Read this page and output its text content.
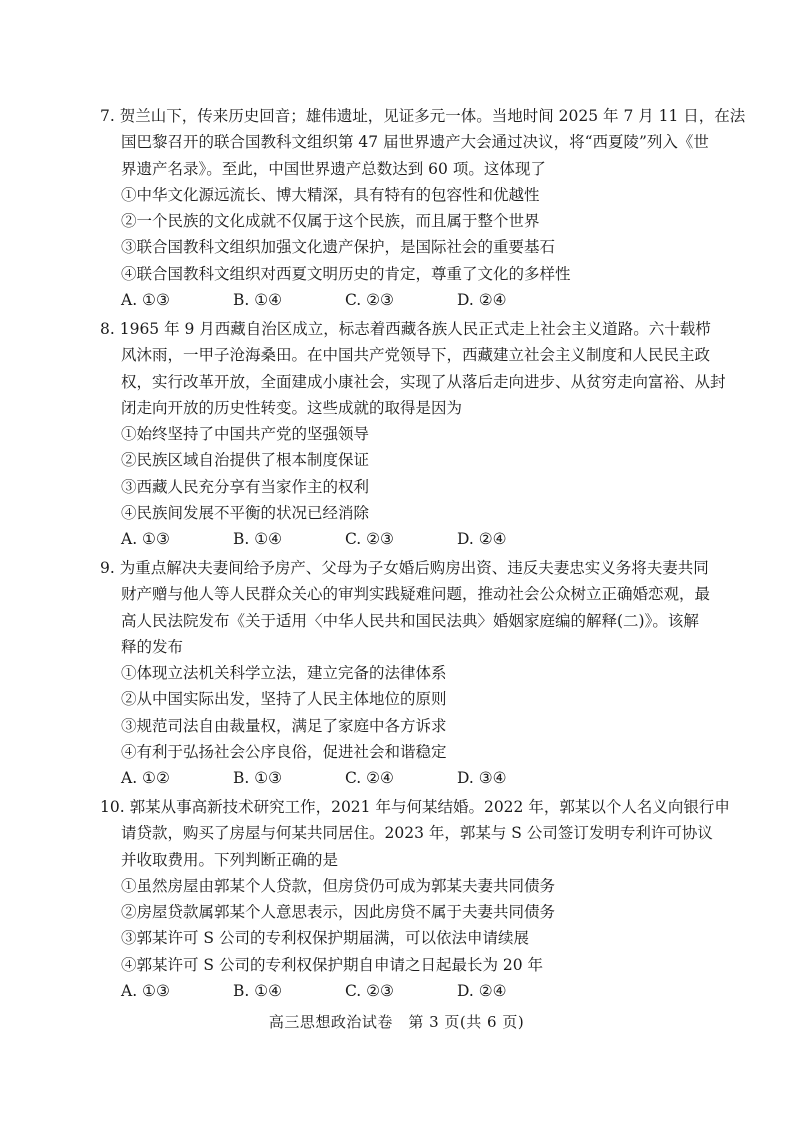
7. 贺兰山下，传来历史回音；雄伟遗址，见证多元一体。当地时间 2025 年 7 月 11 日，在法
国巴黎召开的联合国教科文组织第 47 届世界遗产大会通过决议，将“西夏陵”列入《世
界遗产名录》。至此，中国世界遗产总数达到 60 项。这体现了
①中华文化源远流长、博大精深，具有特有的包容性和优越性
②一个民族的文化成就不仅属于这个民族，而且属于整个世界
③联合国教科文组织加强文化遗产保护，是国际社会的重要基石
④联合国教科文组织对西夏文明历史的肯定，尊重了文化的多样性
A. ①③	B. ①④	C. ②③	D. ②④
8. 1965 年 9 月西藏自治区成立，标志着西藏各族人民正式走上社会主义道路。六十载栉
风沐雨，一甲子沧海桑田。在中国共产党领导下，西藏建立社会主义制度和人民民主政
权，实行改革开放，全面建成小康社会，实现了从落后走向进步、从贫穷走向富裕、从封
闭走向开放的历史性转变。这些成就的取得是因为
①始终坚持了中国共产党的坚强领导
②民族区域自治提供了根本制度保证
③西藏人民充分享有当家作主的权利
④民族间发展不平衡的状况已经消除
A. ①③	B. ①④	C. ②③	D. ②④
9. 为重点解决夫妻间给予房产、父母为子女婚后购房出资、违反夫妻忠实义务将夫妻共同
财产赠与他人等人民群众关心的审判实践疑难问题，推动社会公众树立正确婚恋观，最
高人民法院发布《关于适用〈中华人民共和国民法典〉婚姻家庭编的解释(二)》。该解
释的发布
①体现立法机关科学立法，建立完备的法律体系
②从中国实际出发，坚持了人民主体地位的原则
③规范司法自由裁量权，满足了家庭中各方诉求
④有利于弘扬社会公序良俗，促进社会和谐稳定
A. ①②	B. ①③	C. ②④	D. ③④
10. 郭某从事高新技术研究工作，2021 年与何某结婚。2022 年，郭某以个人名义向银行申
请贷款，购买了房屋与何某共同居住。2023 年，郭某与 S 公司签订发明专利许可协议
并收取费用。下列判断正确的是
①虽然房屋由郭某个人贷款，但房贷仍可成为郭某夫妻共同债务
②房屋贷款属郭某个人意思表示，因此房贷不属于夫妻共同债务
③郭某许可 S 公司的专利权保护期届满，可以依法申请续展
④郭某许可 S 公司的专利权保护期自申请之日起最长为 20 年
A. ①③	B. ①④	C. ②③	D. ②④
高三思想政治试卷　第 3 页(共 6 页)
